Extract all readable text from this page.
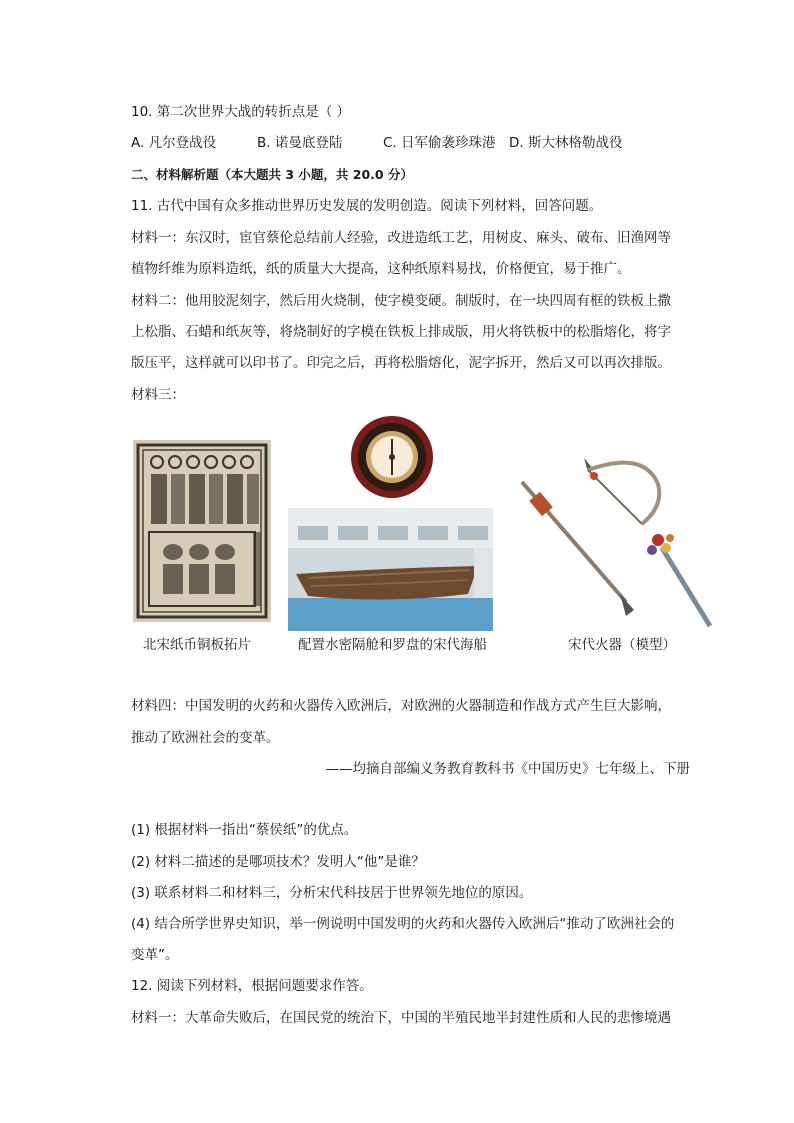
10. 第二次世界大战的转折点是（ ）
A. 凡尔登战役	B. 诺曼底登陆	C. 日军偷袭珍珠港 D. 斯大林格勒战役
二、材料解析题（本大题共 3 小题，共 20.0 分）
11. 古代中国有众多推动世界历史发展的发明创造。阅读下列材料，回答问题。
材料一：东汉时，宦官蔡伦总结前人经验，改进造纸工艺，用树皮、麻头、破布、旧渔网等
植物纤维为原料造纸，纸的质量大大提高，这种纸原料易找，价格便宜，易于推广。
材料二：他用胶泥刻字，然后用火烧制，使字模变硬。制版时，在一块四周有框的铁板上撒
上松脂、石蜡和纸灰等，将烧制好的字模在铁板上排成版，用火将铁板中的松脂熔化，将字
版压平，这样就可以印书了。印完之后，再将松脂熔化，泥字拆开，然后又可以再次排版。
材料三：
北宋纸币铜板拓片	配置水密隔舱和罗盘的宋代海船	宋代火器（模型）
材料四：中国发明的火药和火器传入欧洲后，对欧洲的火器制造和作战方式产生巨大影响，
推动了欧洲社会的变革。
——均摘自部编义务教育教科书《中国历史》七年级上、下册
(1) 根据材料一指出“蔡侯纸”的优点。
(2) 材料二描述的是哪项技术？发明人“他”是谁？
(3) 联系材料二和材料三，分析宋代科技居于世界领先地位的原因。
(4) 结合所学世界史知识，举一例说明中国发明的火药和火器传入欧洲后“推动了欧洲社会的
变革”。
12. 阅读下列材料，根据问题要求作答。
材料一：大革命失败后，在国民党的统治下，中国的半殖民地半封建性质和人民的悲惨境遇
